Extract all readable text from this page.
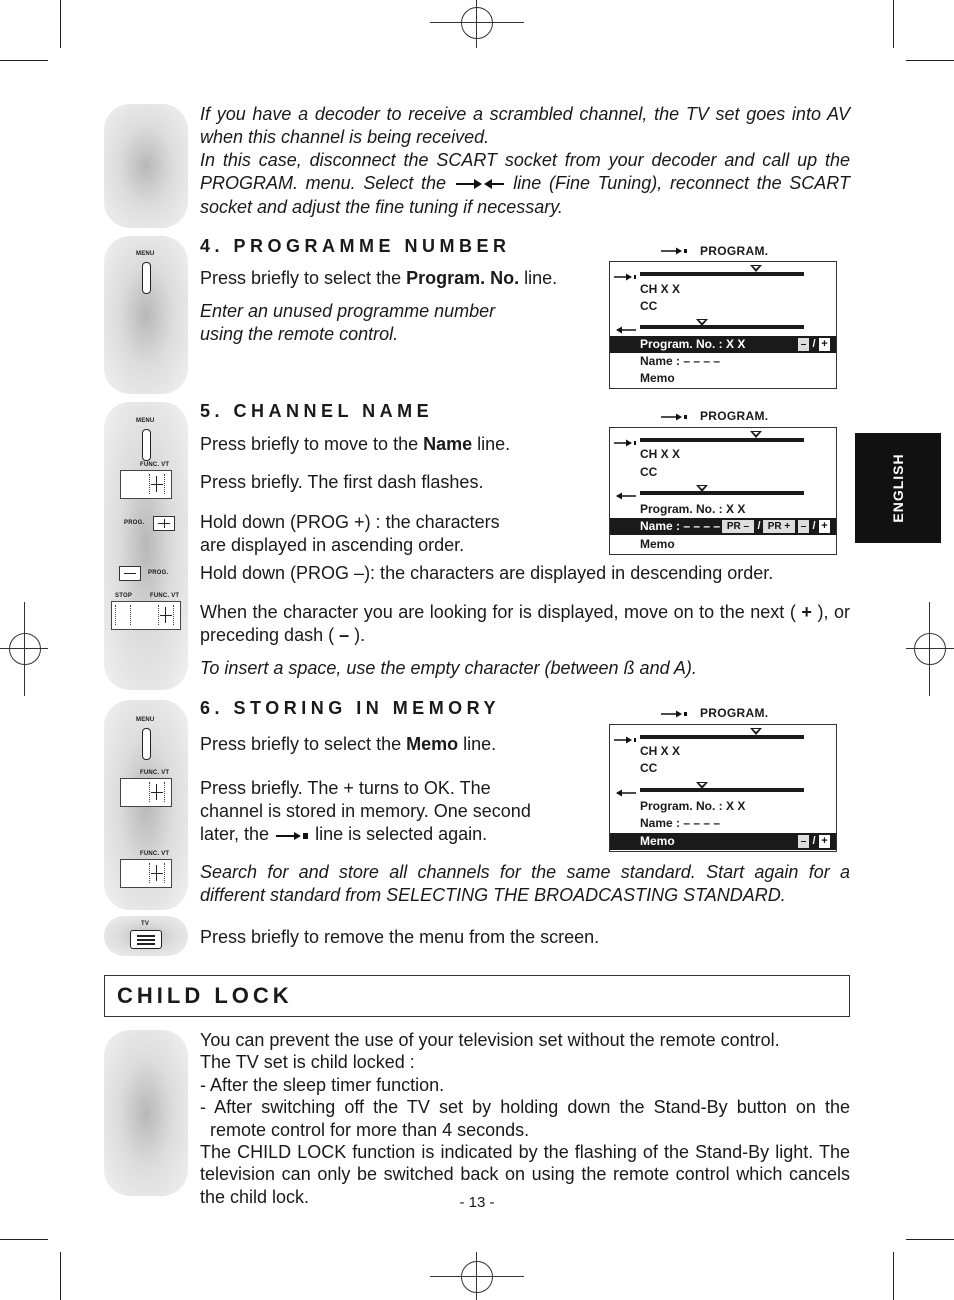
If you have a decoder to receive a scrambled channel, the TV set goes into AV when this channel is being received.
In this case, disconnect the SCART socket from your decoder and call up the PROGRAM. menu. Select the	line (Fine Tuning), reconnect the SCART socket and adjust the fine tuning if necessary.
4. PROGRAMME NUMBER
Press briefly to select the Program. No. line.
Enter an unused programme number using the remote control.
5. CHANNEL NAME
Press briefly to move to the Name line.
Press briefly. The first dash flashes.
Hold down (PROG +) : the characters are displayed in ascending order.
Hold down (PROG –): the characters are displayed in descending order.
When the character you are looking for is displayed, move on to the next ( + ), or preceding dash ( – ).
To insert a space, use the empty character (between ß and A).
6. STORING IN MEMORY
Press briefly to select the Memo line.
Press briefly. The + turns to OK. The channel is stored in memory. One second later, the	line is selected again.
Search for and store all channels for the same standard. Start again for a different standard from SELECTING THE BROADCASTING STANDARD.
Press briefly to remove the menu from the screen.
PROGRAM.
CH X X
CC
Program. No. : X X	– / +
Name : – – – –
Memo
PROGRAM.
CH X X
CC
Program. No. : X X
Name : – – – – PR – / PR +	– / +
Memo
PROGRAM.
CH X X
CC
Program. No. : X X
Name : – – – –
Memo	– / +
MENU
MENU
FUNC. VT
PROG.
PROG.
STOP	FUNC. VT
MENU
FUNC. VT
FUNC. VT
TV
ENGLISH
CHILD LOCK
You can prevent the use of your television set without the remote control.
The TV set is child locked :
- After the sleep timer function.
- After switching off the TV set by holding down the Stand-By button on the remote control for more than 4 seconds.
The CHILD LOCK function is indicated by the flashing of the Stand-By light. The television can only be switched back on using the remote control which cancels the child lock.	- 13 -
